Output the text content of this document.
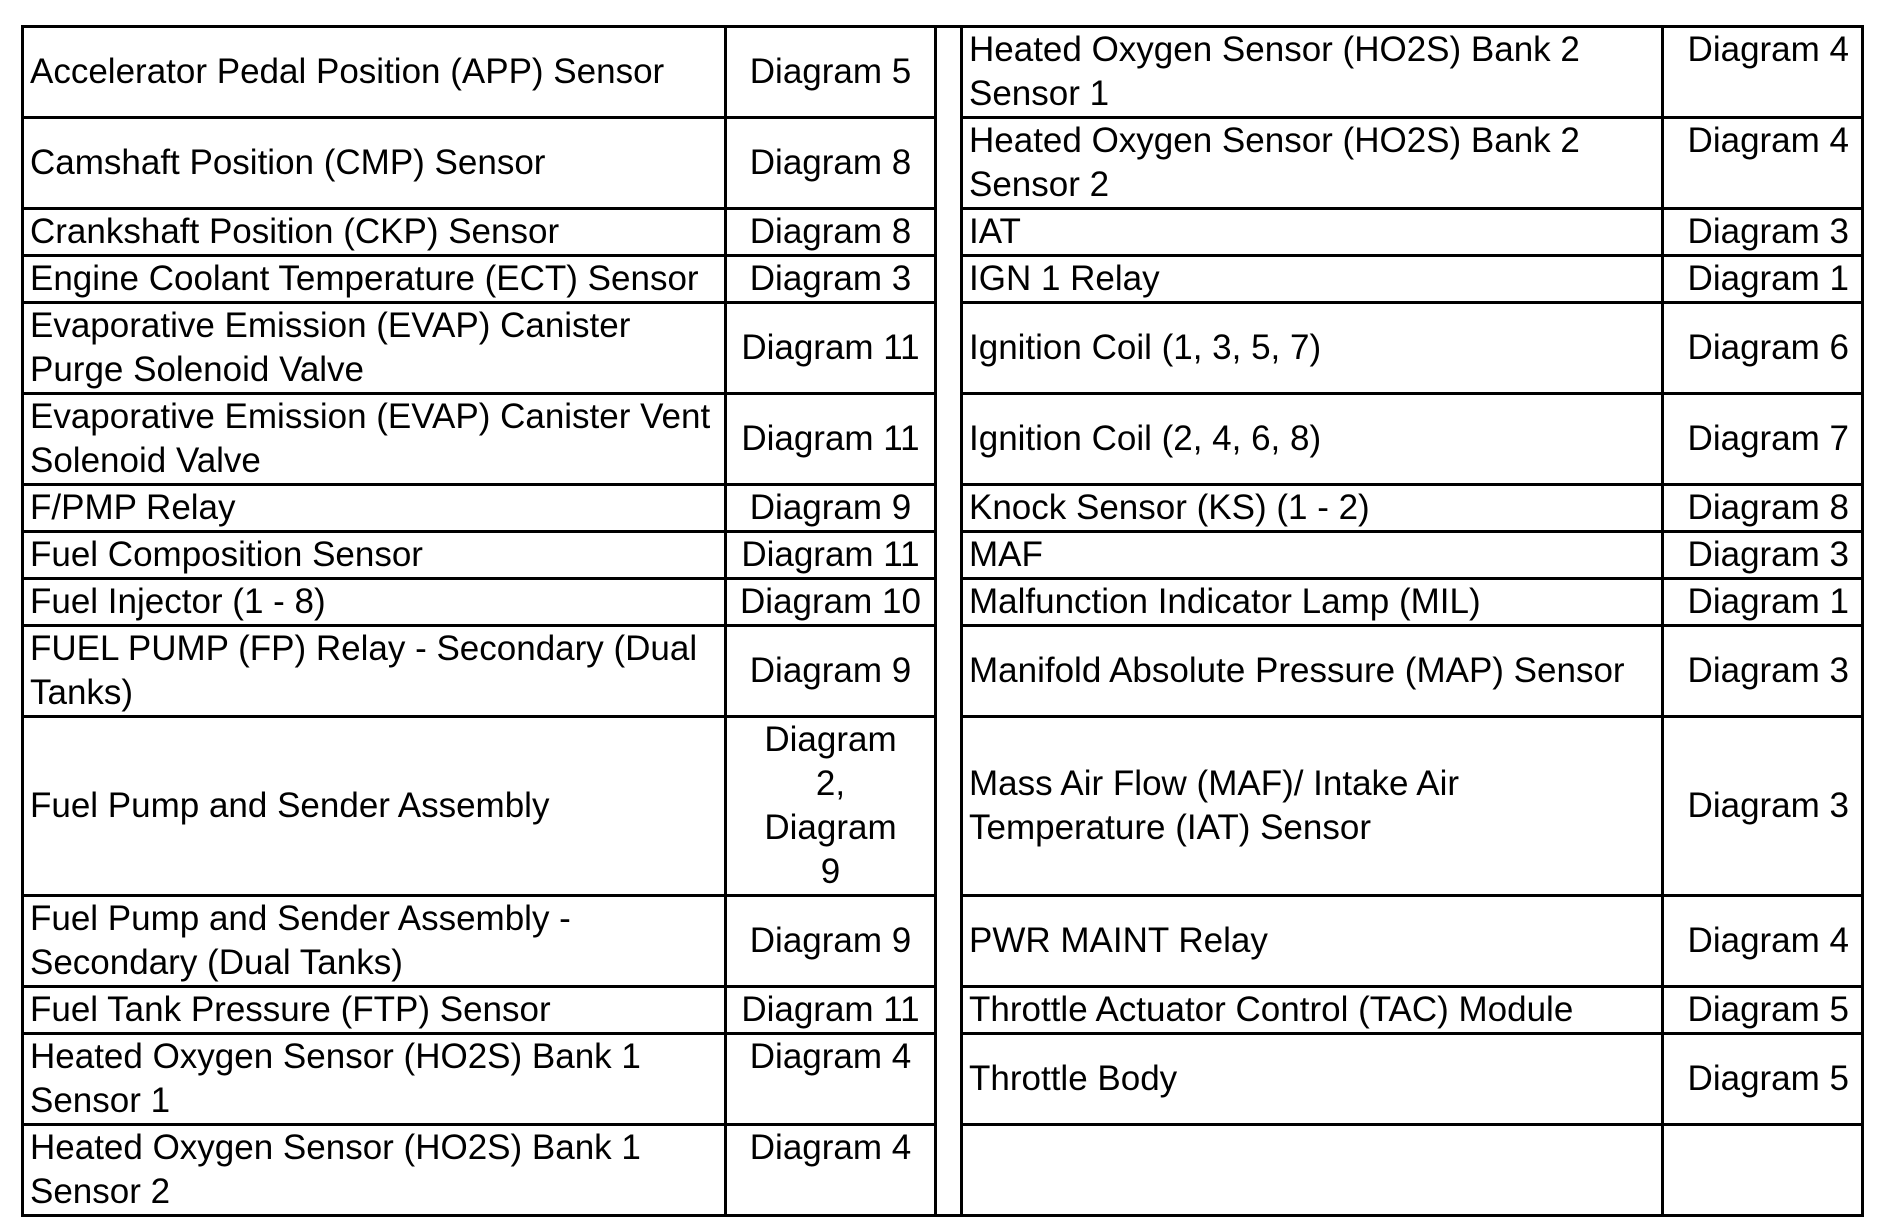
Accelerator Pedal Position (APP) Sensor	Diagram 5		Heated Oxygen Sensor (HO2S) Bank 2 Sensor 1	Diagram 4

Camshaft Position (CMP) Sensor	Diagram 8		Heated Oxygen Sensor (HO2S) Bank 2 Sensor 2	Diagram 4

Crankshaft Position (CKP) Sensor	Diagram 8		IAT	Diagram 3

Engine Coolant Temperature (ECT) Sensor	Diagram 3		IGN 1 Relay	Diagram 1

Evaporative Emission (EVAP) Canister Purge Solenoid Valve	Diagram 11		Ignition Coil (1, 3, 5, 7)	Diagram 6

Evaporative Emission (EVAP) Canister Vent Solenoid Valve	Diagram 11		Ignition Coil (2, 4, 6, 8)	Diagram 7

F/PMP Relay	Diagram 9		Knock Sensor (KS) (1 - 2)	Diagram 8

Fuel Composition Sensor	Diagram 11		MAF	Diagram 3

Fuel Injector (1 - 8)	Diagram 10		Malfunction Indicator Lamp (MIL)	Diagram 1

FUEL PUMP (FP) Relay - Secondary (Dual Tanks)	Diagram 9		Manifold Absolute Pressure (MAP) Sensor	Diagram 3

Fuel Pump and Sender Assembly	Diagram 2, Diagram 9		Mass Air Flow (MAF)/ Intake Air Temperature (IAT) Sensor	Diagram 3

Fuel Pump and Sender Assembly - Secondary (Dual Tanks)	Diagram 9		PWR MAINT Relay	Diagram 4

Fuel Tank Pressure (FTP) Sensor	Diagram 11		Throttle Actuator Control (TAC) Module	Diagram 5

Heated Oxygen Sensor (HO2S) Bank 1 Sensor 1	Diagram 4		Throttle Body	Diagram 5

Heated Oxygen Sensor (HO2S) Bank 1 Sensor 2	Diagram 4		
